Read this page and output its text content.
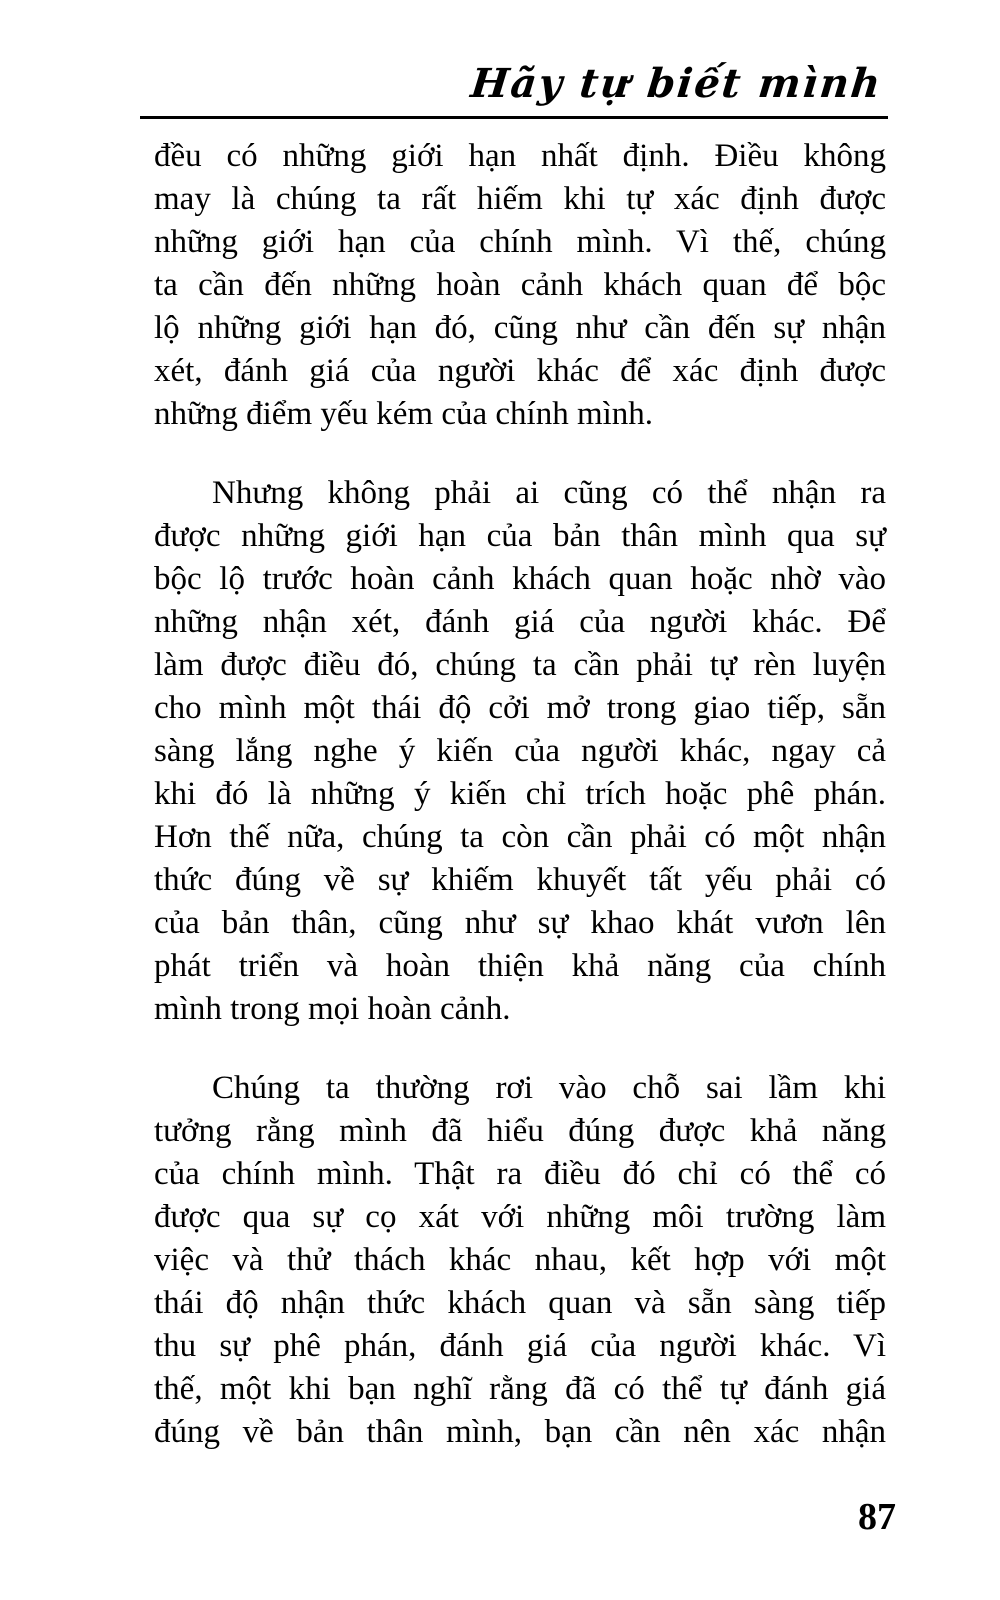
Hãy tự biết mình
đều có những giới hạn nhất định. Điều không
may là chúng ta rất hiếm khi tự xác định được
những giới hạn của chính mình. Vì thế, chúng
ta cần đến những hoàn cảnh khách quan để bộc
lộ những giới hạn đó, cũng như cần đến sự nhận
xét, đánh giá của người khác để xác định được
những điểm yếu kém của chính mình.
Nhưng không phải ai cũng có thể nhận ra
được những giới hạn của bản thân mình qua sự
bộc lộ trước hoàn cảnh khách quan hoặc nhờ vào
những nhận xét, đánh giá của người khác. Để
làm được điều đó, chúng ta cần phải tự rèn luyện
cho mình một thái độ cởi mở trong giao tiếp, sẵn
sàng lắng nghe ý kiến của người khác, ngay cả
khi đó là những ý kiến chỉ trích hoặc phê phán.
Hơn thế nữa, chúng ta còn cần phải có một nhận
thức đúng về sự khiếm khuyết tất yếu phải có
của bản thân, cũng như sự khao khát vươn lên
phát triển và hoàn thiện khả năng của chính
mình trong mọi hoàn cảnh.
Chúng ta thường rơi vào chỗ sai lầm khi
tưởng rằng mình đã hiểu đúng được khả năng
của chính mình. Thật ra điều đó chỉ có thể có
được qua sự cọ xát với những môi trường làm
việc và thử thách khác nhau, kết hợp với một
thái độ nhận thức khách quan và sẵn sàng tiếp
thu sự phê phán, đánh giá của người khác. Vì
thế, một khi bạn nghĩ rằng đã có thể tự đánh giá
đúng về bản thân mình, bạn cần nên xác nhận
87
